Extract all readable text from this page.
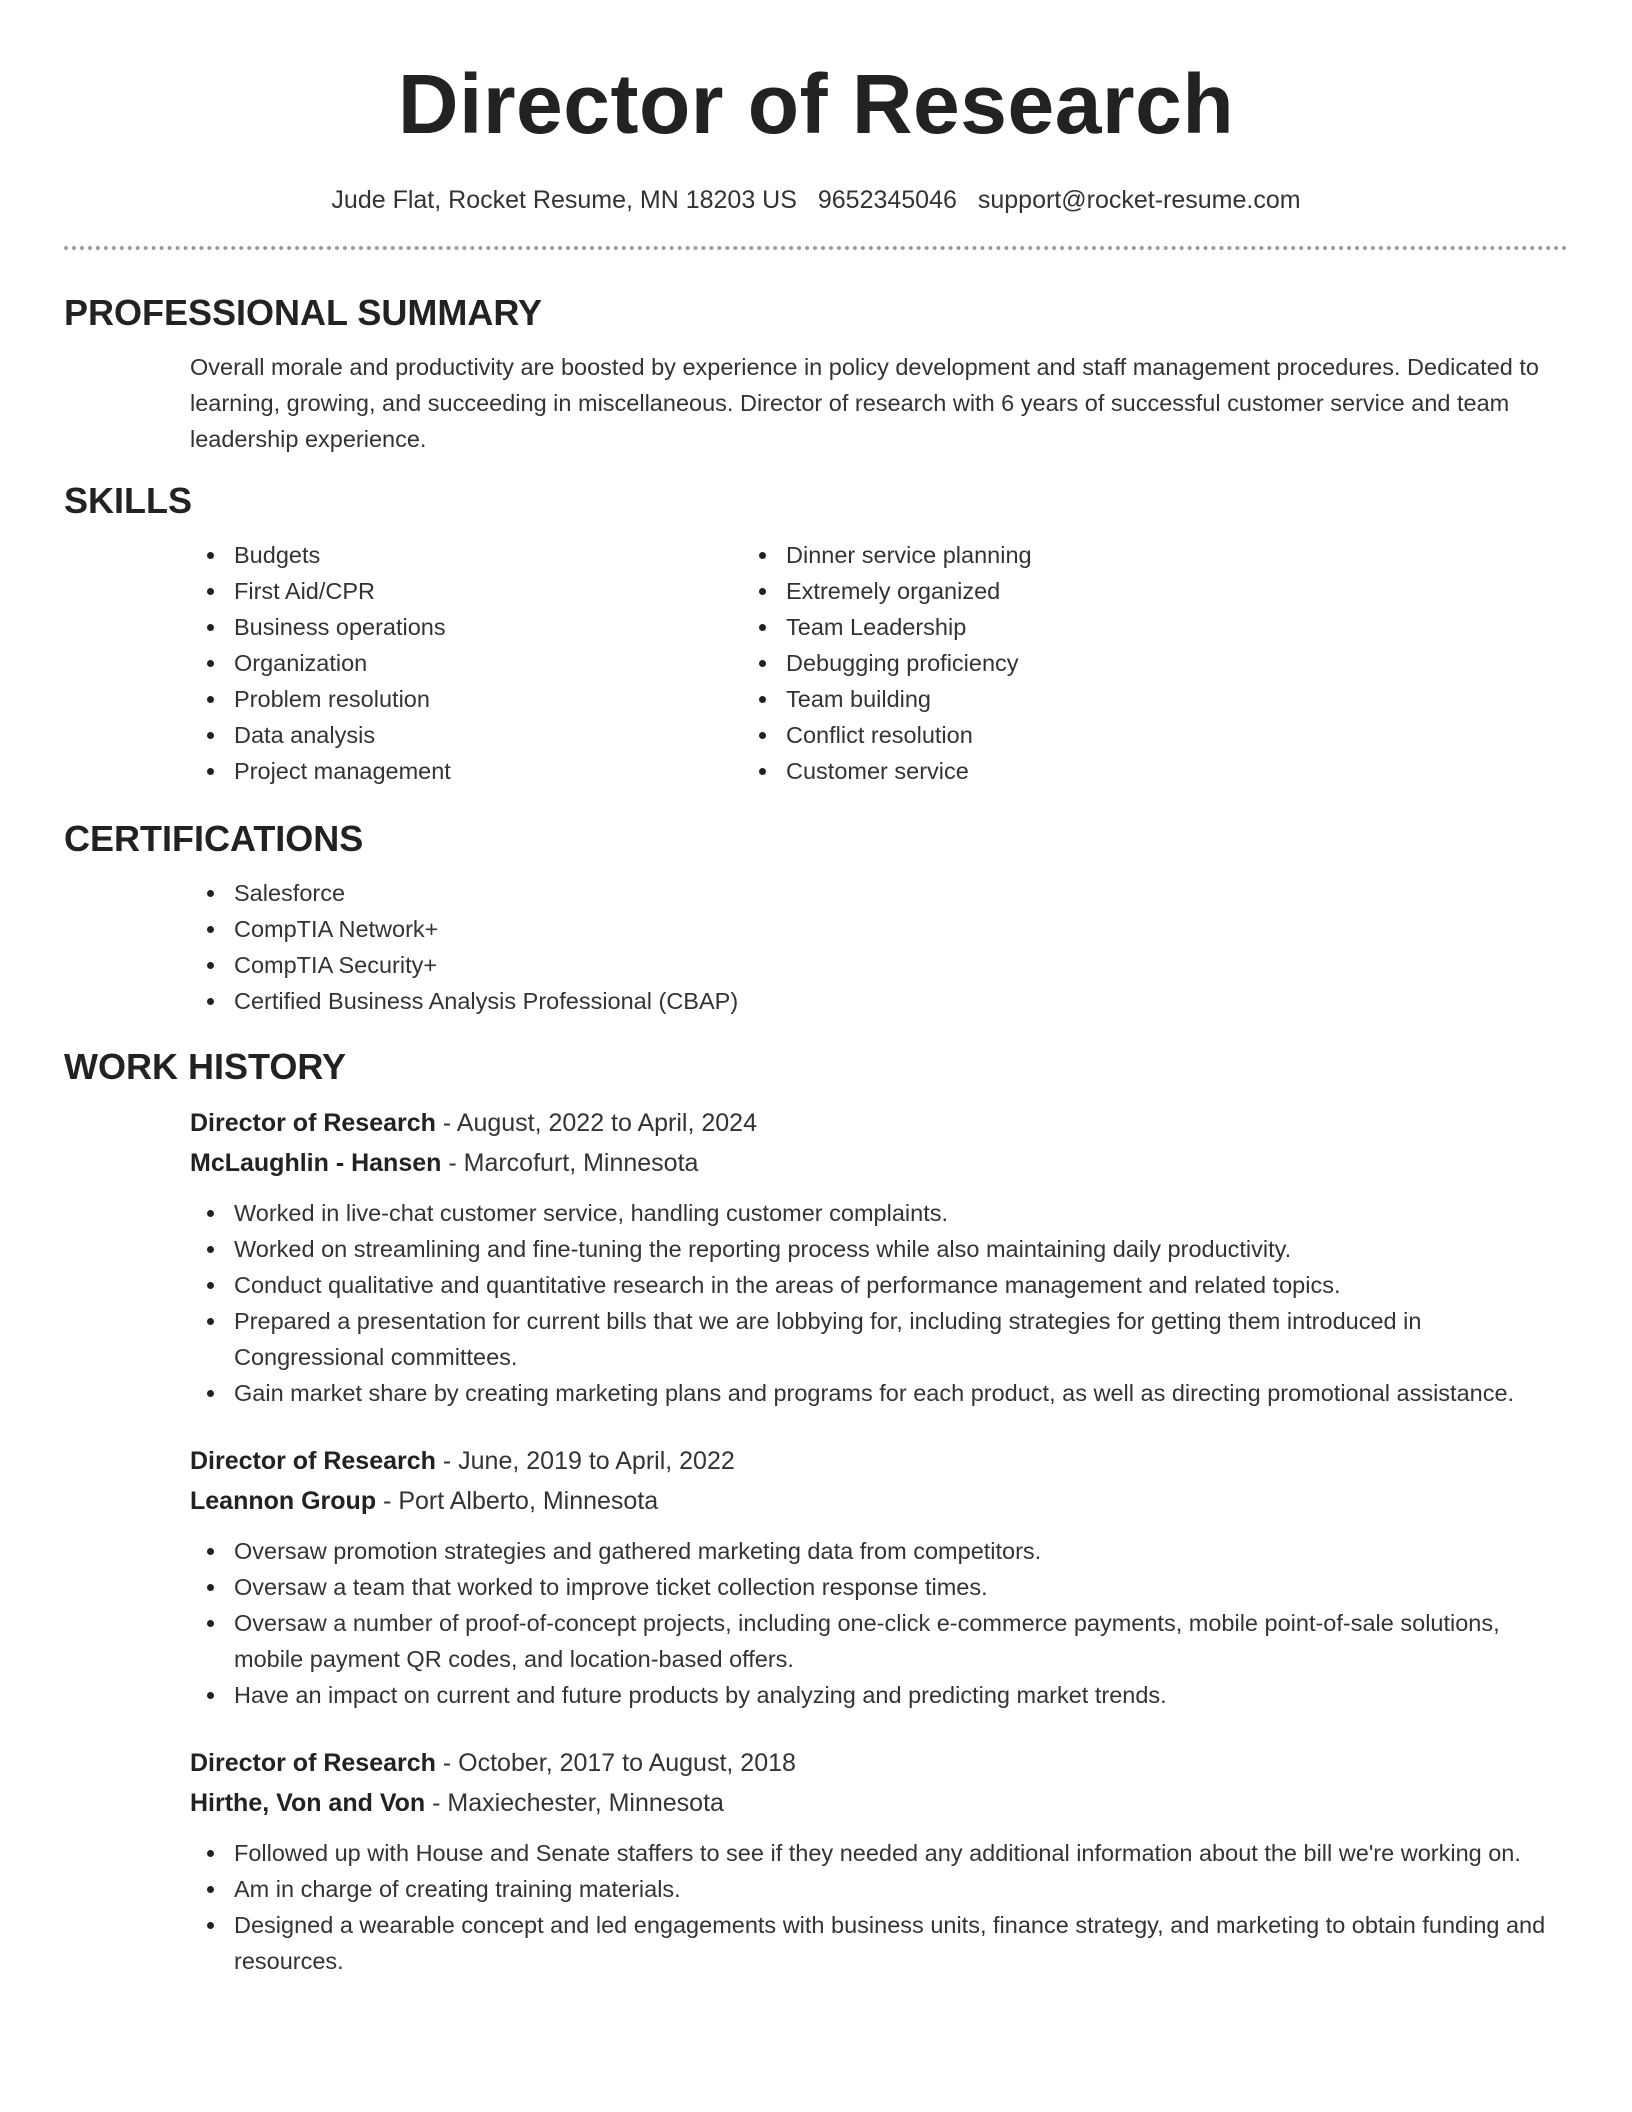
Director of Research
Jude Flat, Rocket Resume, MN 18203 US 9652345046 support@rocket-resume.com
PROFESSIONAL SUMMARY

Overall morale and productivity are boosted by experience in policy development and staff management procedures. Dedicated to learning, growing, and succeeding in miscellaneous. Director of research with 6 years of successful customer service and team leadership experience.

SKILLS
Budgets
First Aid/CPR
Business operations
Organization
Problem resolution
Data analysis
Project management
Dinner service planning
Extremely organized
Team Leadership
Debugging proficiency
Team building
Conflict resolution
Customer service
CERTIFICATIONS
Salesforce
CompTIA Network+
CompTIA Security+
Certified Business Analysis Professional (CBAP)
WORK HISTORY
Director of Research - August, 2022 to April, 2024
McLaughlin - Hansen - Marcofurt, Minnesota
Worked in live-chat customer service, handling customer complaints.
Worked on streamlining and fine-tuning the reporting process while also maintaining daily productivity.
Conduct qualitative and quantitative research in the areas of performance management and related topics.
Prepared a presentation for current bills that we are lobbying for, including strategies for getting them introduced in Congressional committees.
Gain market share by creating marketing plans and programs for each product, as well as directing promotional assistance.
Director of Research - June, 2019 to April, 2022
Leannon Group - Port Alberto, Minnesota
Oversaw promotion strategies and gathered marketing data from competitors.
Oversaw a team that worked to improve ticket collection response times.
Oversaw a number of proof-of-concept projects, including one-click e-commerce payments, mobile point-of-sale solutions, mobile payment QR codes, and location-based offers.
Have an impact on current and future products by analyzing and predicting market trends.
Director of Research - October, 2017 to August, 2018
Hirthe, Von and Von - Maxiechester, Minnesota
Followed up with House and Senate staffers to see if they needed any additional information about the bill we're working on.
Am in charge of creating training materials.
Designed a wearable concept and led engagements with business units, finance strategy, and marketing to obtain funding and resources.
